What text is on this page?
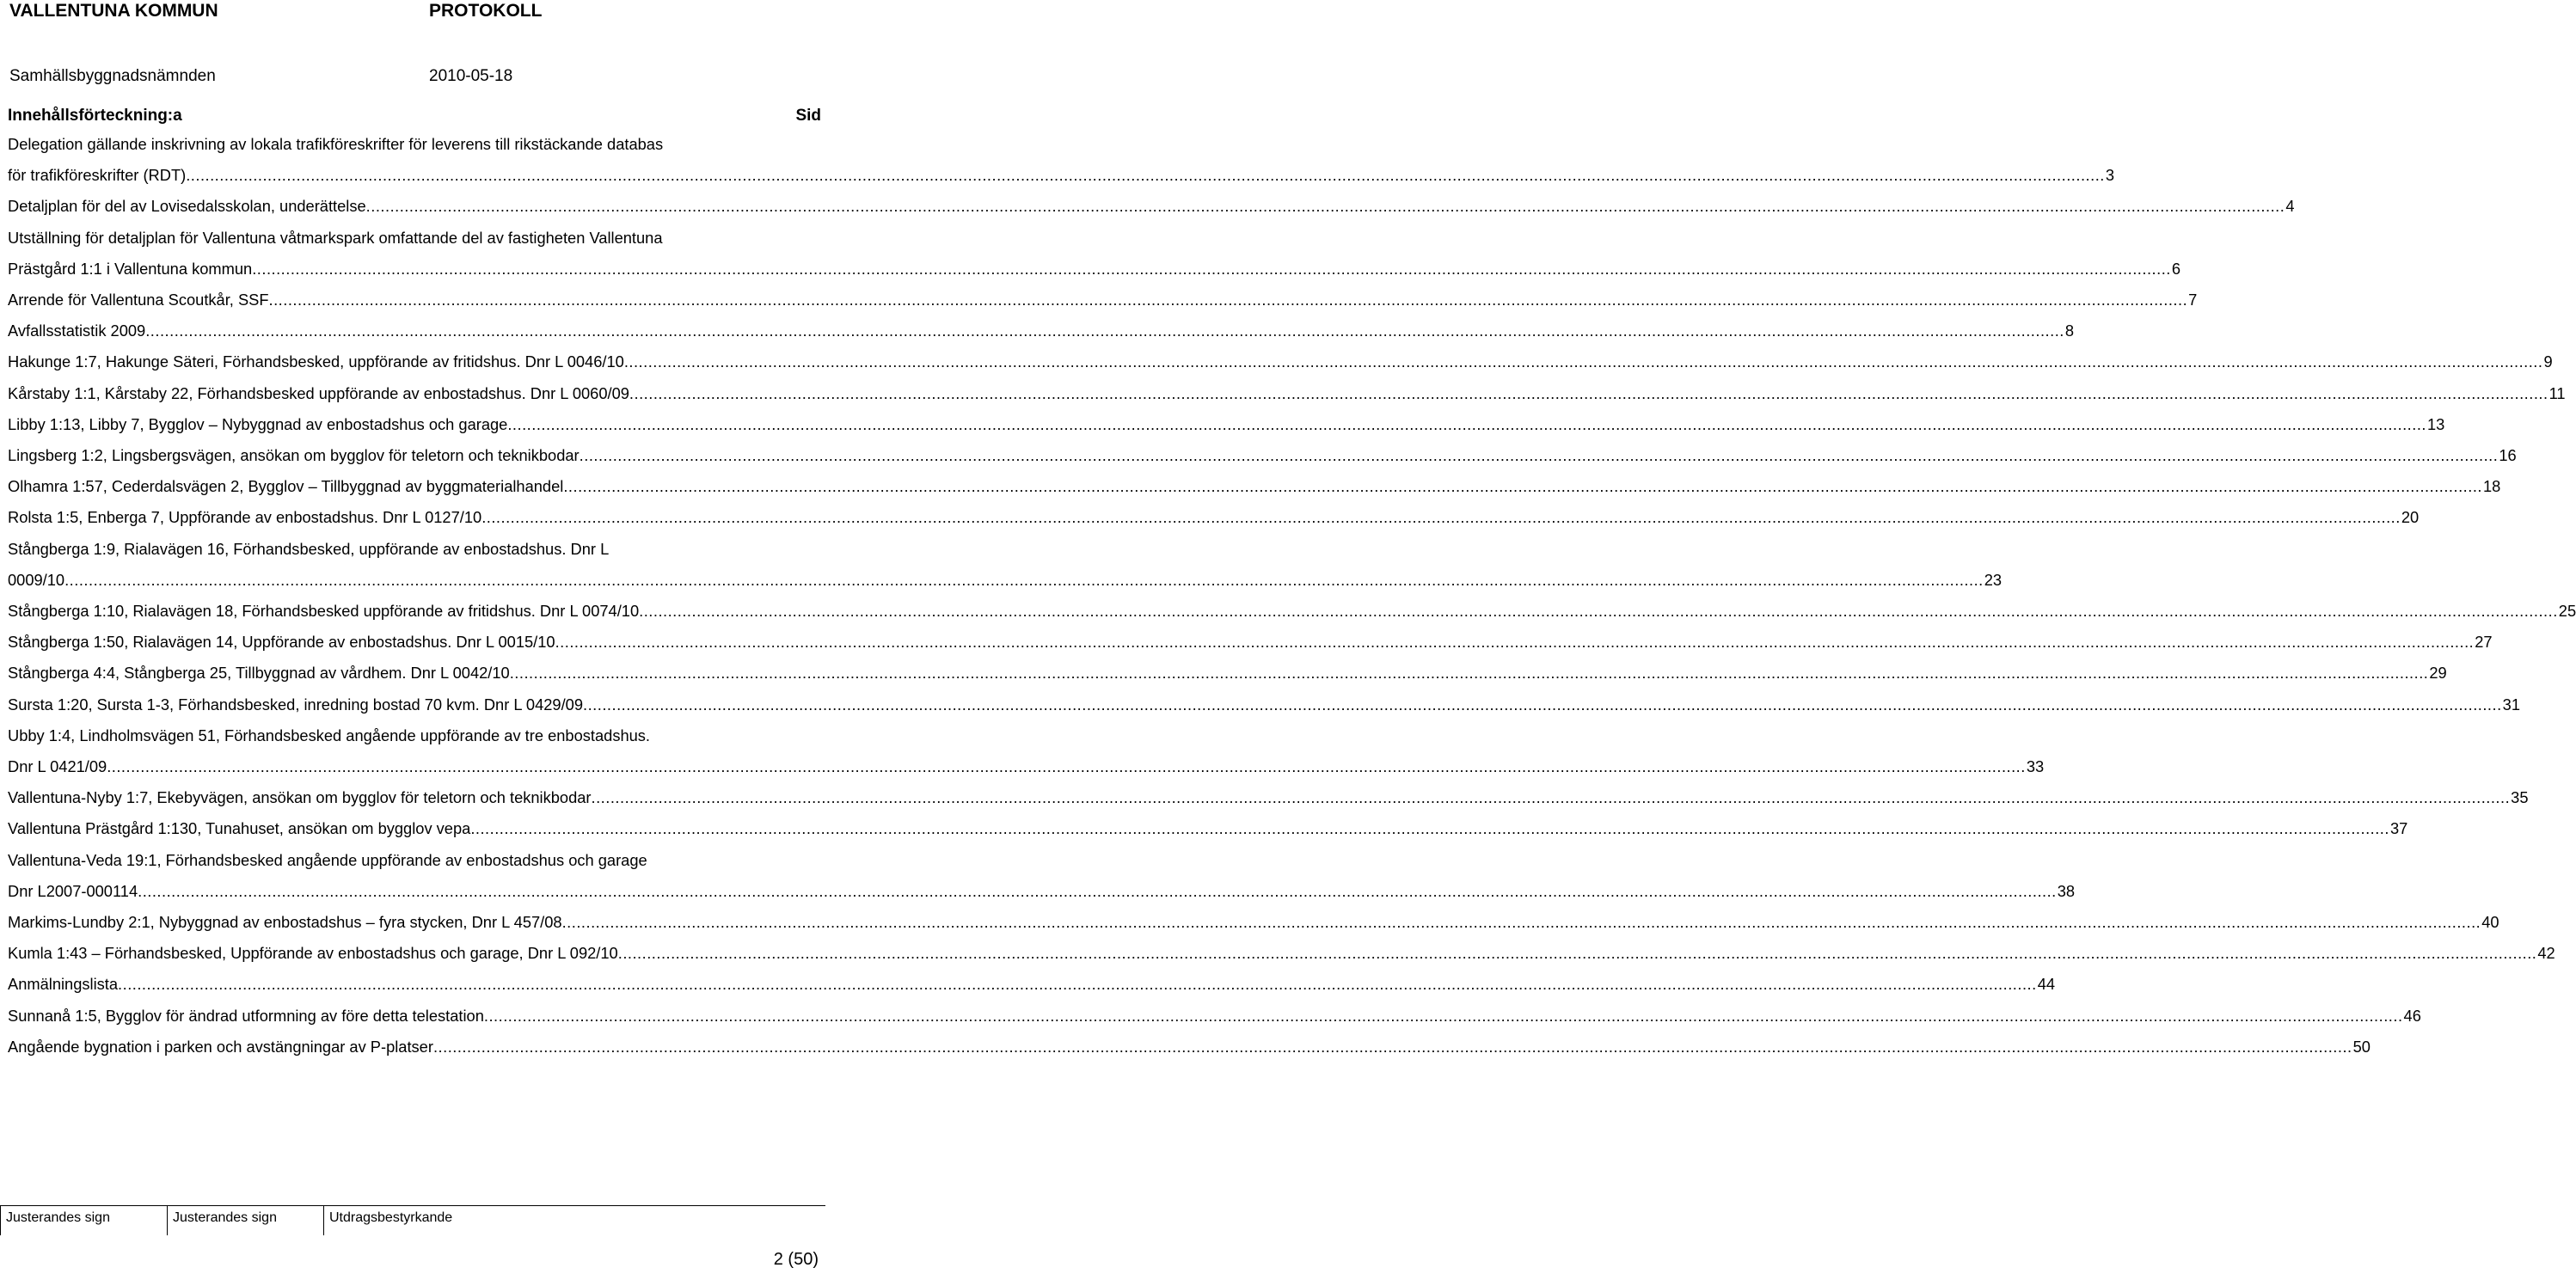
VALLENTUNA KOMMUN	PROTOKOLL
Samhällsbyggnadsnämnden	2010-05-18
Innehållsförteckning:a	Sid
Delegation gällande inskrivning av lokala trafikföreskrifter för leverens till rikstäckande databas
för trafikföreskrifter (RDT) ................................................................................................................................................................................................................................................................................................................................................................................................................ 3
Detaljplan för del av Lovisedalsskolan, underättelse ................................................................................................................................................................................................................................................................................................................................................................................................................ 4
Utställning för detaljplan för Vallentuna våtmarkspark omfattande del av fastigheten Vallentuna
Prästgård 1:1 i Vallentuna kommun ................................................................................................................................................................................................................................................................................................................................................................................................................ 6
Arrende för Vallentuna Scoutkår, SSF ................................................................................................................................................................................................................................................................................................................................................................................................................ 7
Avfallsstatistik 2009 ................................................................................................................................................................................................................................................................................................................................................................................................................ 8
Hakunge 1:7, Hakunge Säteri, Förhandsbesked, uppförande av fritidshus. Dnr L 0046/10 ................................................................................................................................................................................................................................................................................................................................................................................................................ 9
Kårstaby 1:1, Kårstaby 22, Förhandsbesked uppförande av enbostadshus. Dnr L 0060/09 ................................................................................................................................................................................................................................................................................................................................................................................................................ 11
Libby 1:13, Libby 7, Bygglov – Nybyggnad av enbostadshus och garage ................................................................................................................................................................................................................................................................................................................................................................................................................ 13
Lingsberg 1:2, Lingsbergsvägen, ansökan om bygglov för teletorn och teknikbodar ................................................................................................................................................................................................................................................................................................................................................................................................................ 16
Olhamra 1:57, Cederdalsvägen 2, Bygglov – Tillbyggnad av byggmaterialhandel ................................................................................................................................................................................................................................................................................................................................................................................................................ 18
Rolsta 1:5, Enberga 7, Uppförande av enbostadshus. Dnr L 0127/10 ................................................................................................................................................................................................................................................................................................................................................................................................................ 20
Stångberga 1:9, Rialavägen 16, Förhandsbesked, uppförande av enbostadshus. Dnr L
0009/10 ................................................................................................................................................................................................................................................................................................................................................................................................................ 23
Stångberga 1:10, Rialavägen 18, Förhandsbesked uppförande av fritidshus. Dnr L 0074/10 ................................................................................................................................................................................................................................................................................................................................................................................................................ 25
Stångberga 1:50, Rialavägen 14, Uppförande av enbostadshus. Dnr L 0015/10 ................................................................................................................................................................................................................................................................................................................................................................................................................ 27
Stångberga 4:4, Stångberga 25, Tillbyggnad av vårdhem. Dnr L 0042/10 ................................................................................................................................................................................................................................................................................................................................................................................................................ 29
Sursta 1:20, Sursta 1-3, Förhandsbesked, inredning bostad 70 kvm. Dnr L 0429/09 ................................................................................................................................................................................................................................................................................................................................................................................................................ 31
Ubby 1:4, Lindholmsvägen 51, Förhandsbesked angående uppförande av tre enbostadshus.
Dnr L 0421/09 ................................................................................................................................................................................................................................................................................................................................................................................................................ 33
Vallentuna-Nyby 1:7, Ekebyvägen, ansökan om bygglov för teletorn och teknikbodar ................................................................................................................................................................................................................................................................................................................................................................................................................ 35
Vallentuna Prästgård 1:130, Tunahuset, ansökan om bygglov vepa ................................................................................................................................................................................................................................................................................................................................................................................................................ 37
Vallentuna-Veda 19:1, Förhandsbesked angående uppförande av enbostadshus och garage
Dnr L2007-000114 ................................................................................................................................................................................................................................................................................................................................................................................................................ 38
Markims-Lundby 2:1, Nybyggnad av enbostadshus – fyra stycken, Dnr L 457/08 ................................................................................................................................................................................................................................................................................................................................................................................................................ 40
Kumla 1:43 – Förhandsbesked, Uppförande av enbostadshus och garage, Dnr L 092/10 ................................................................................................................................................................................................................................................................................................................................................................................................................ 42
Anmälningslista ................................................................................................................................................................................................................................................................................................................................................................................................................ 44
Sunnanå 1:5, Bygglov för ändrad utformning av före detta telestation ................................................................................................................................................................................................................................................................................................................................................................................................................ 46
Angående bygnation i parken och avstängningar av P-platser ................................................................................................................................................................................................................................................................................................................................................................................................................ 50
Justerandes sign	Justerandes sign	Utdragsbestyrkande
2 (50)
